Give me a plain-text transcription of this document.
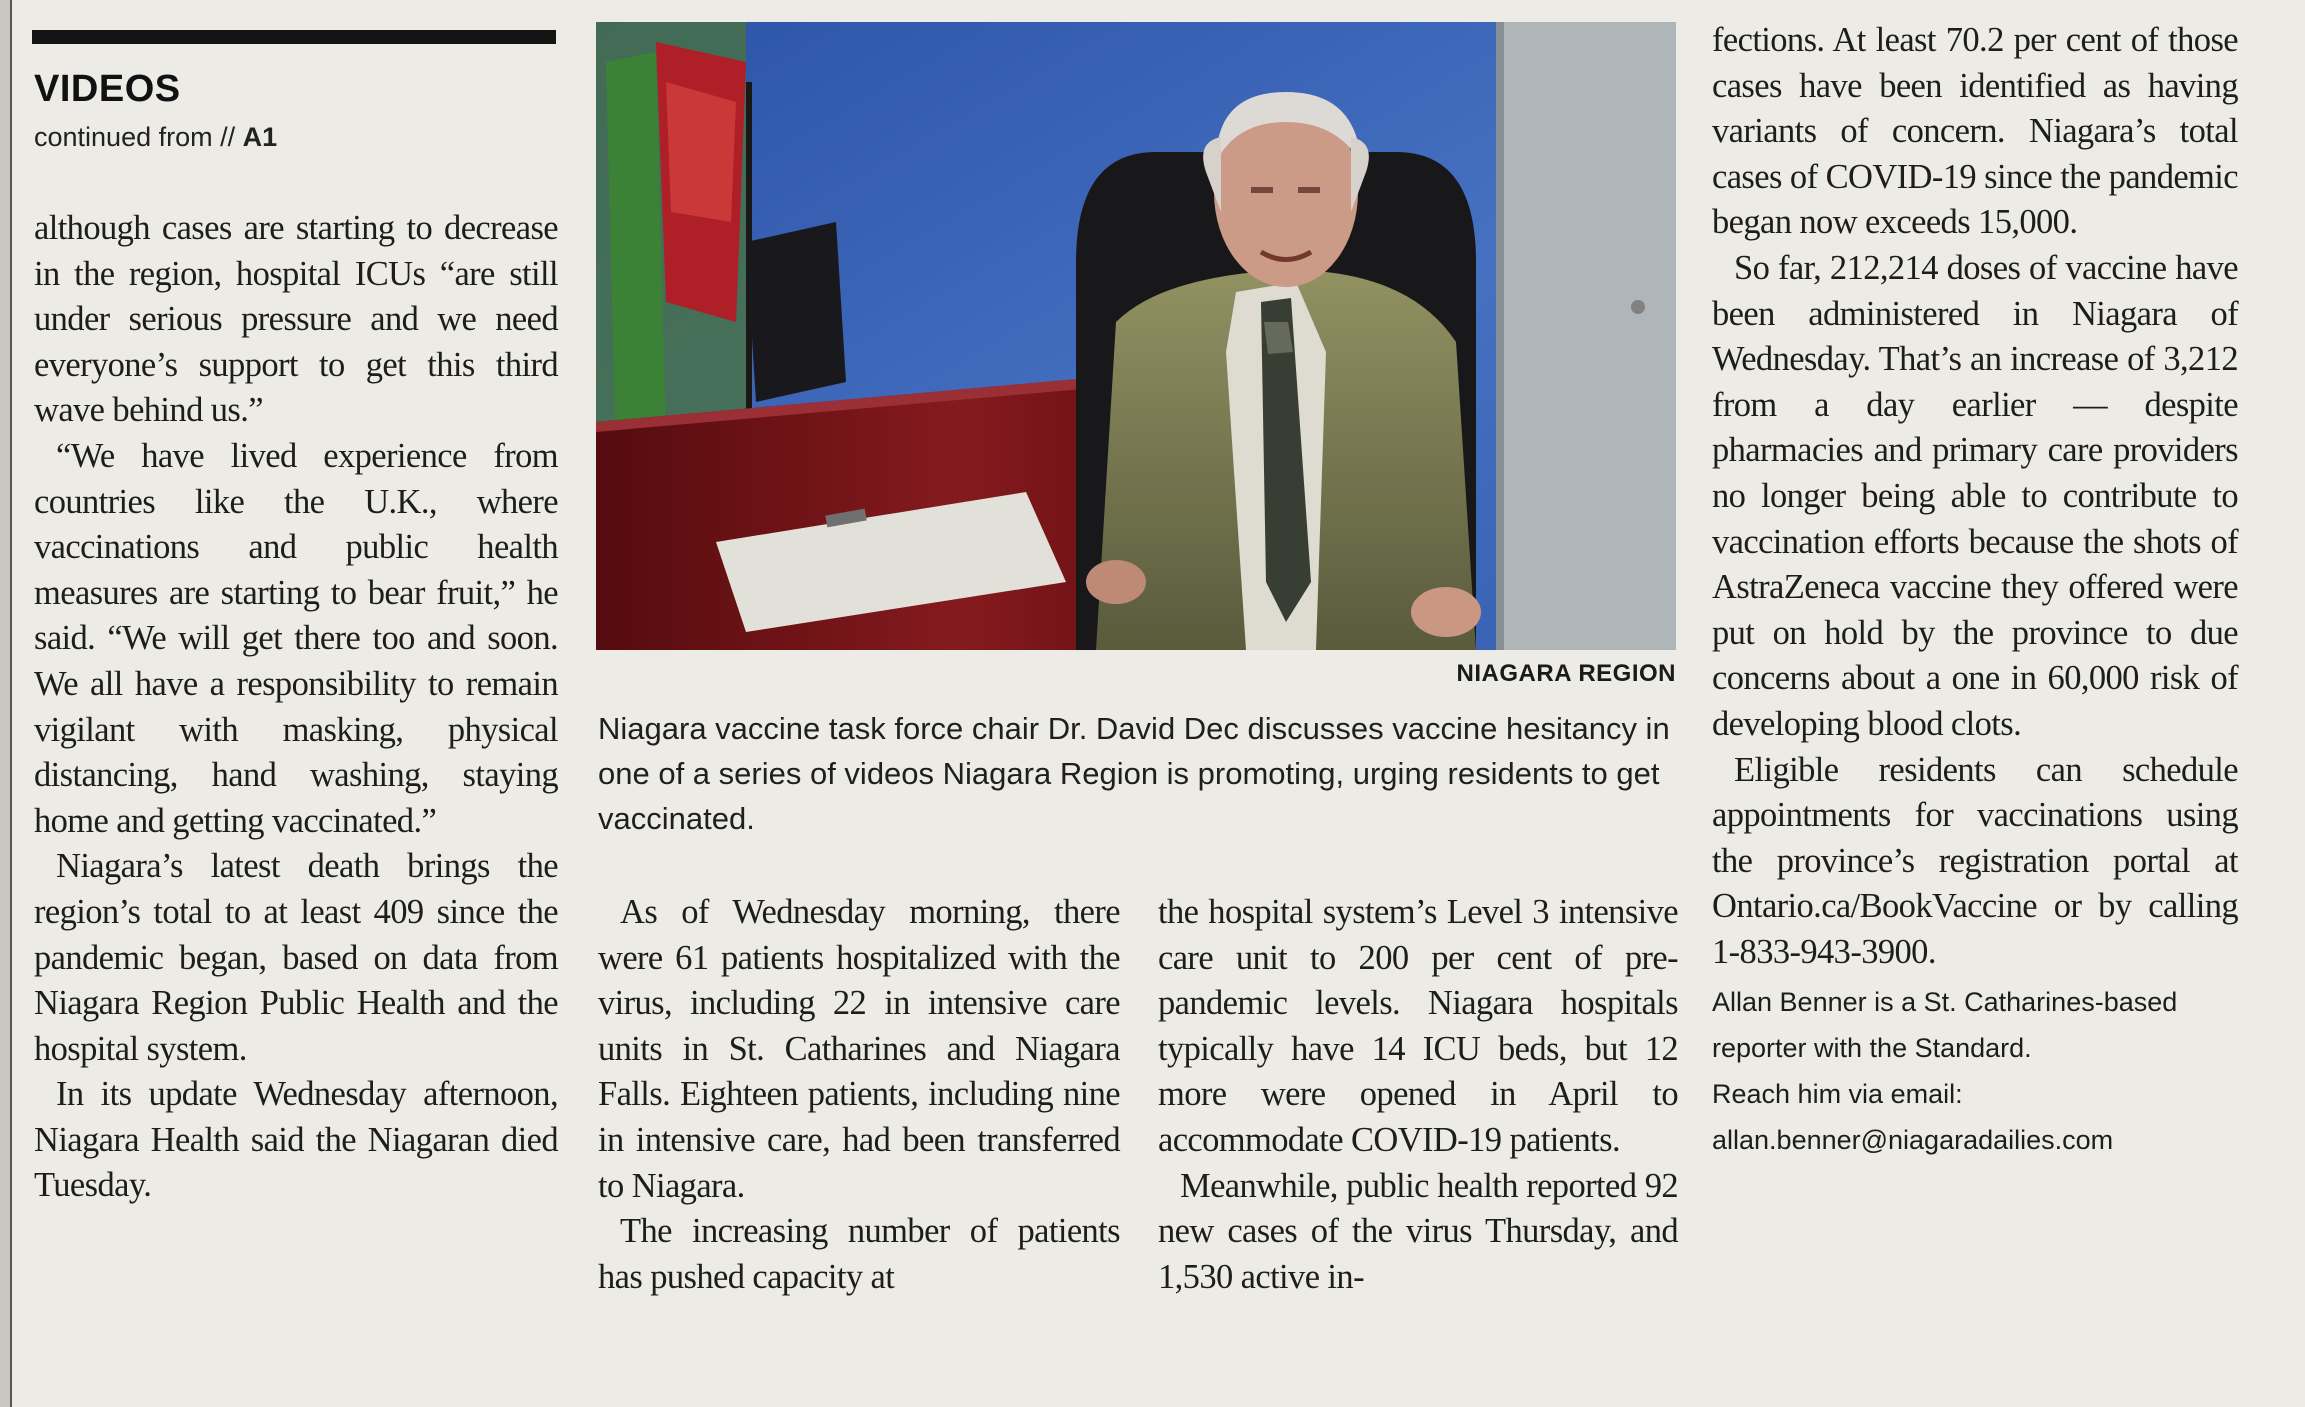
VIDEOS
continued from // A1

although cases are starting to decrease in the region, hospital ICUs “are still under serious pressure and we need everyone’s support to get this third wave behind us.”

“We have lived experience from countries like the U.K., where vaccinations and public health measures are starting to bear fruit,” he said. “We will get there too and soon. We all have a responsibility to remain vigilant with masking, physical distancing, hand washing, staying home and getting vaccinated.”

Niagara’s latest death brings the region’s total to at least 409 since the pandemic began, based on data from Niagara Region Public Health and the hospital system.

In its update Wednesday afternoon, Niagara Health said the Niagaran died Tuesday.

NIAGARA REGION
Niagara vaccine task force chair Dr. David Dec discusses vaccine hesitancy in one of a series of videos Niagara Region is promoting, urging residents to get vaccinated.

As of Wednesday morning, there were 61 patients hospitalized with the virus, including 22 in intensive care units in St. Catharines and Niagara Falls. Eighteen patients, including nine in intensive care, had been transferred to Niagara.

The increasing number of patients has pushed capacity at

the hospital system’s Level 3 intensive care unit to 200 per cent of pre-pandemic levels. Niagara hospitals typically have 14 ICU beds, but 12 more were opened in April to accommodate COVID-19 patients.

Meanwhile, public health reported 92 new cases of the virus Thursday, and 1,530 active in-

fections. At least 70.2 per cent of those cases have been identified as having variants of concern. Niagara’s total cases of COVID-19 since the pandemic began now exceeds 15,000.

So far, 212,214 doses of vaccine have been administered in Niagara of Wednesday. That’s an increase of 3,212 from a day earlier — despite pharmacies and primary care providers no longer being able to contribute to vaccination efforts because the shots of AstraZeneca vaccine they offered were put on hold by the province to due concerns about a one in 60,000 risk of developing blood clots.

Eligible residents can schedule appointments for vaccinations using the province’s registration portal at Ontario.ca/BookVaccine or by calling 1-833-943-3900.

Allan Benner is a St. Catharines-based reporter with the Standard.
Reach him via email:
allan.benner@niagaradailies.com
